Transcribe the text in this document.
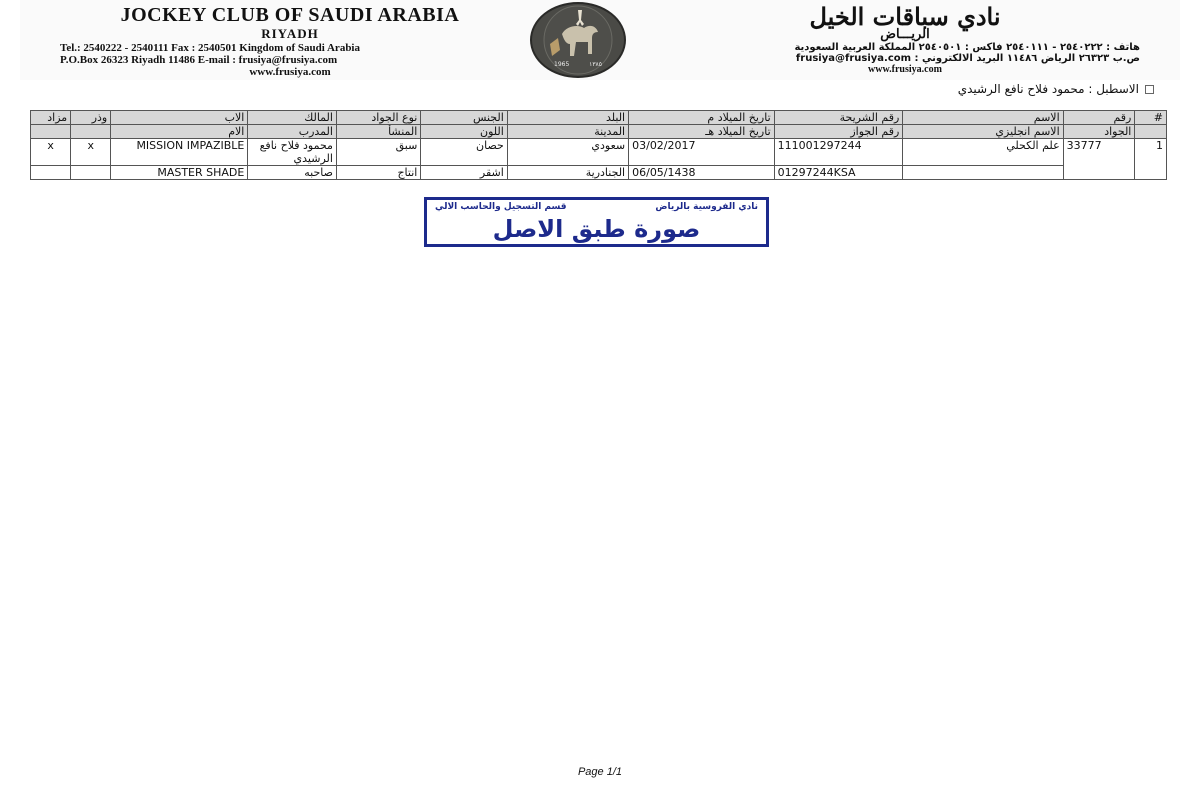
JOCKEY CLUB OF SAUDI ARABIA
RIYADH
Tel.: 2540222 - 2540111 Fax : 2540501 Kingdom of Saudi Arabia
P.O.Box 26323 Riyadh 11486 E-mail : frusiya@frusiya.com
www.frusiya.com
1965	١٣٨٥
نادي سباقات الخيل
الريـــاض
هاتف : ٢٥٤٠٢٢٢ - ٢٥٤٠١١١ فاكس : ٢٥٤٠٥٠١ المملكة العربية السعودية
ص.ب ٢٦٣٢٣ الرياض ١١٤٨٦ البريد الالكتروني : frusiya@frusiya.com
www.frusiya.com
الاسطبل : محمود فلاح نافع الرشيدي
#	رقم	الاسم	رقم الشريحة	تاريخ الميلاد م	البلد	الجنس	نوع الجواد	المالك	الاب	وذر	مزاد
	الجواد	الاسم انجليزي	رقم الجواز	تاريخ الميلاد هـ	المدينة	اللون	المنشأ	المدرب	الام		
1	33777	علم الكحلي	111001297244	03/02/2017	سعودي	حصان	سبق	محمود فلاح نافع الرشيدي	MISSION IMPAZIBLE	x	x
			01297244KSA	06/05/1438	الجنادرية	اشقر	انتاج	صاحبه	MASTER SHADE		
نادي الفروسية بالرياض
قسم التسجيل والحاسب الالي
صورة طبق الاصل
Page 1/1
